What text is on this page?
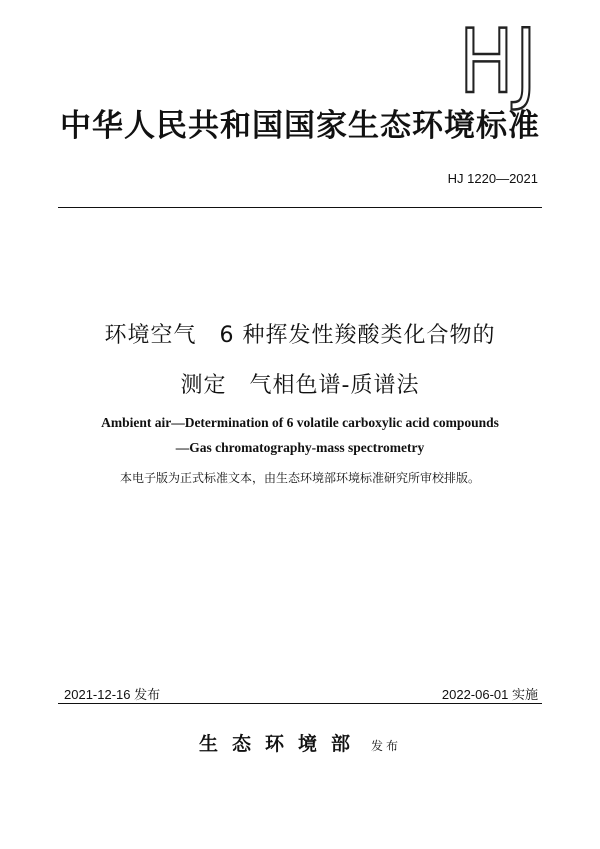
HJ
中华人民共和国国家生态环境标准
HJ 1220—2021
环境空气　6 种挥发性羧酸类化合物的
测定　气相色谱-质谱法
Ambient air—Determination of 6 volatile carboxylic acid compounds
—Gas chromatography-mass spectrometry
本电子版为正式标准文本，由生态环境部环境标准研究所审校排版。
2021-12-16 发布	2022-06-01 实施
生态环境部 发布
